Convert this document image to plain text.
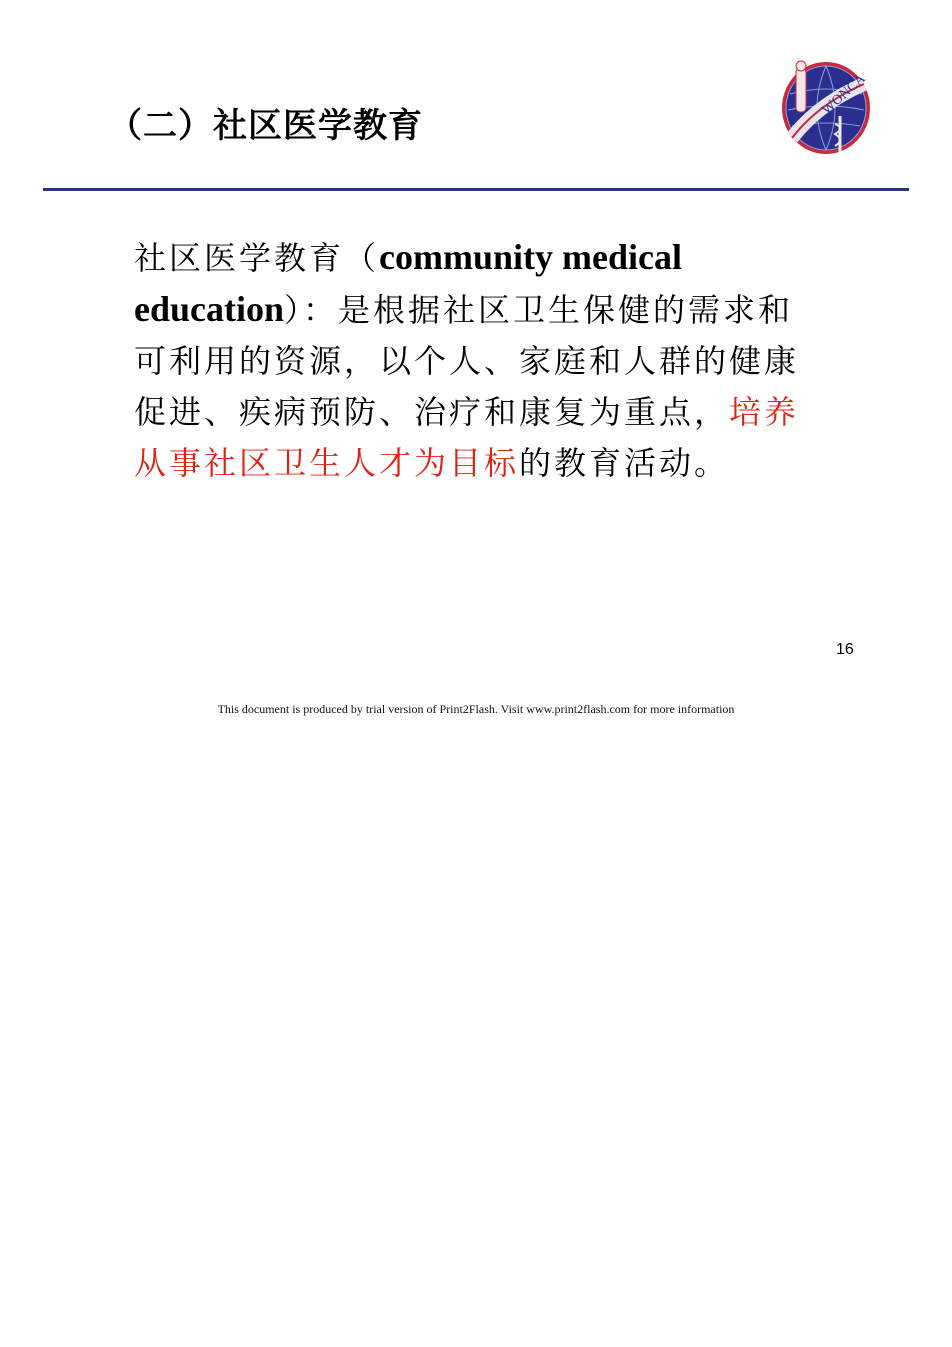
（二）社区医学教育
WONCA
社区医学教育（community medical education）：是根据社区卫生保健的需求和可利用的资源，以个人、家庭和人群的健康促进、疾病预防、治疗和康复为重点，培养从事社区卫生人才为目标的教育活动。
16
This document is produced by trial version of Print2Flash. Visit www.print2flash.com for more information
